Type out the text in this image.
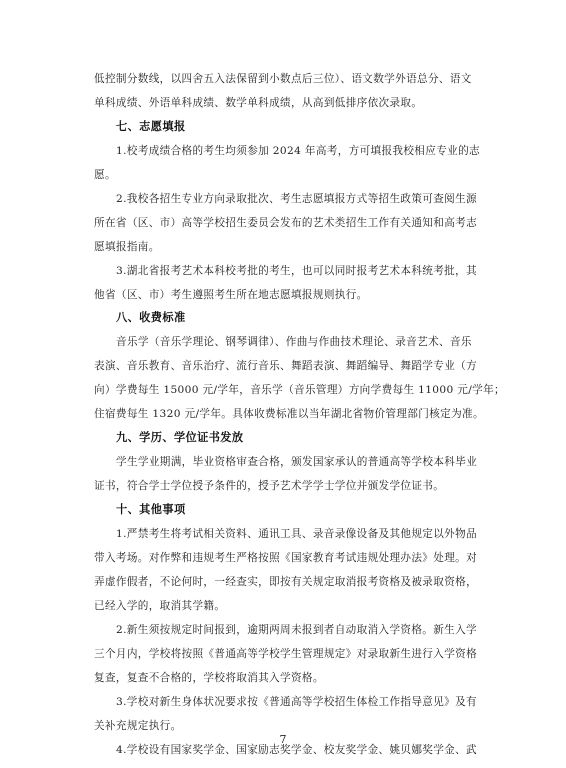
低控制分数线，以四舍五入法保留到小数点后三位）、语文数学外语总分、语文
单科成绩、外语单科成绩、数学单科成绩，从高到低排序依次录取。
七、志愿填报
1.校考成绩合格的考生均须参加 2024 年高考，方可填报我校相应专业的志
愿。
2.我校各招生专业方向录取批次、考生志愿填报方式等招生政策可查阅生源
所在省（区、市）高等学校招生委员会发布的艺术类招生工作有关通知和高考志
愿填报指南。
3.湖北省报考艺术本科校考批的考生，也可以同时报考艺术本科统考批，其
他省（区、市）考生遵照考生所在地志愿填报规则执行。
八、收费标准
音乐学（音乐学理论、钢琴调律）、作曲与作曲技术理论、录音艺术、音乐
表演、音乐教育、音乐治疗、流行音乐、舞蹈表演、舞蹈编导、舞蹈学专业（方
向）学费每生 15000 元/学年，音乐学（音乐管理）方向学费每生 11000 元/学年；
住宿费每生 1320 元/学年。具体收费标准以当年湖北省物价管理部门核定为准。
九、学历、学位证书发放
学生学业期满，毕业资格审查合格，颁发国家承认的普通高等学校本科毕业
证书，符合学士学位授予条件的，授予艺术学学士学位并颁发学位证书。
十、其他事项
1.严禁考生将考试相关资料、通讯工具、录音录像设备及其他规定以外物品
带入考场。对作弊和违规考生严格按照《国家教育考试违规处理办法》处理。对
弄虚作假者，不论何时，一经查实，即按有关规定取消报考资格及被录取资格，
已经入学的，取消其学籍。
2.新生须按规定时间报到，逾期两周未报到者自动取消入学资格。新生入学
三个月内，学校将按照《普通高等学校学生管理规定》对录取新生进行入学资格
复查，复查不合格的，学校将取消其入学资格。
3.学校对新生身体状况要求按《普通高等学校招生体检工作指导意见》及有
关补充规定执行。
4.学校设有国家奖学金、国家励志奖学金、校友奖学金、姚贝娜奖学金、武
7
